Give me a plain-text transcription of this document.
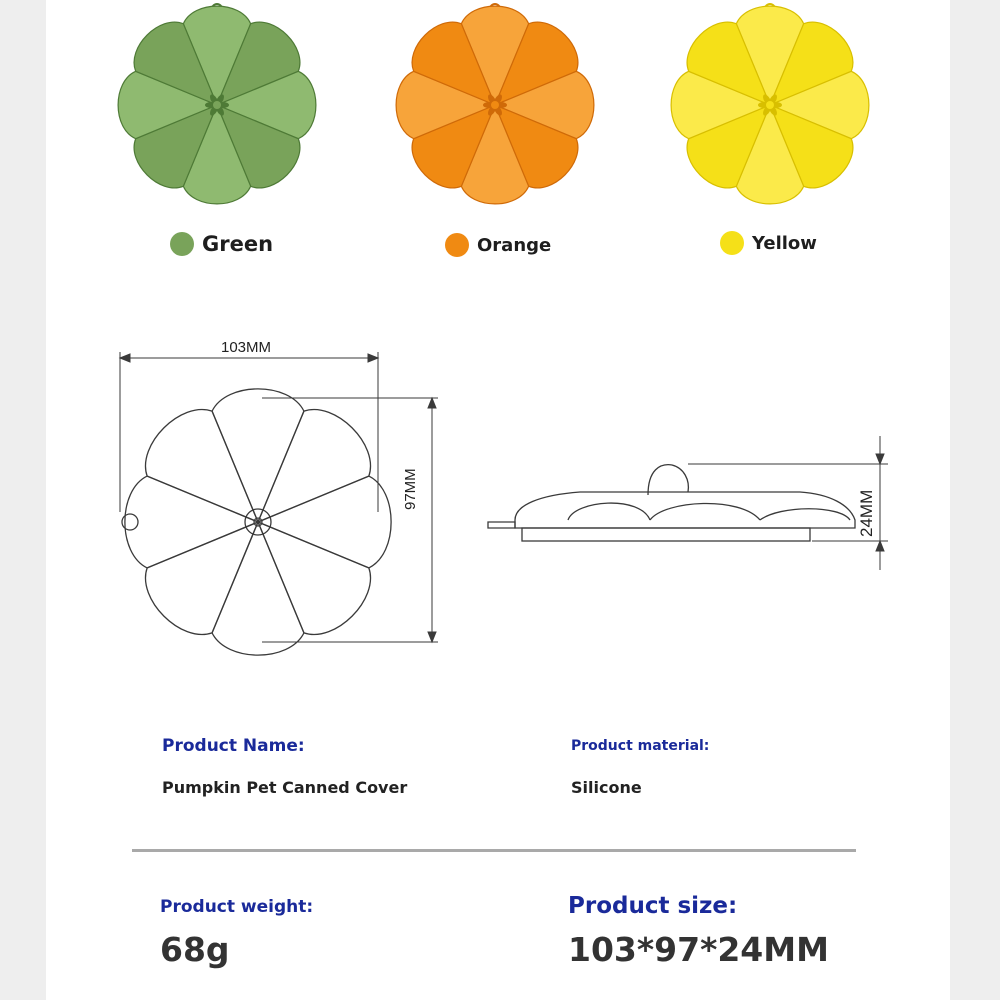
Green	Orange	Yellow
103MM
97MM
24MM
Product Name:
Pumpkin Pet Canned Cover
Product material:
Silicone
Product weight:
68g
Product size:
103*97*24MM
